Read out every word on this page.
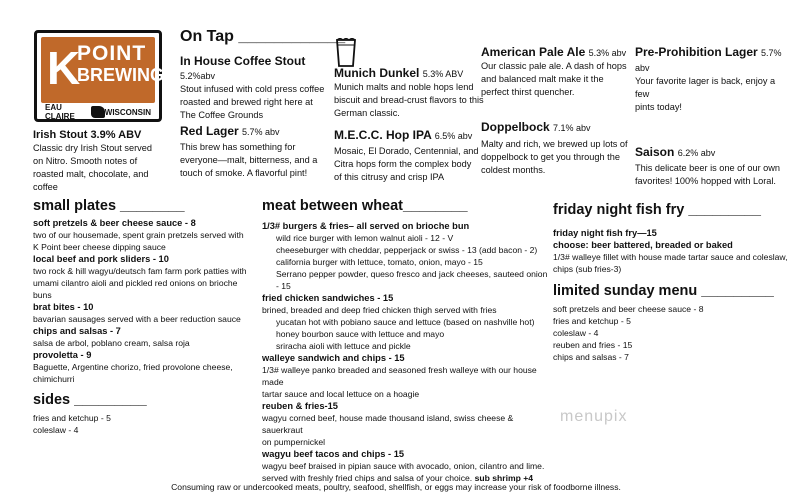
K
POINT
BREWING
EAU CLAIRE	WISCONSIN
On Tap ____________
In House Coffee Stout 5.2%abv
Stout infused with cold press coffee
roasted and brewed right here at
The Coffee Grounds
Munich Dunkel 5.3% ABV
Munich malts and noble hops lend
biscuit and bread-crust flavors to this
German classic.
American Pale Ale 5.3% abv
Our classic pale ale. A dash of hops
and balanced malt make it the
perfect thirst quencher.
Pre-Prohibition Lager 5.7% abv
Your favorite lager is back, enjoy a few
pints today!
Red Lager 5.7% abv
This brew has something for
everyone—malt, bitterness, and a
touch of smoke. A flavorful pint!
M.E.C.C. Hop IPA 6.5% abv
Mosaic, El Dorado, Centennial, and
Citra hops form the complex body
of this citrusy and crisp IPA
Doppelbock 7.1% abv
Malty and rich, we brewed up lots of
doppelbock to get you through the
coldest months.
Saison 6.2% abv
This delicate beer is one of our own
favorites! 100% hopped with Loral.
Irish Stout 3.9% ABV
Classic dry Irish Stout served
on Nitro. Smooth notes of
roasted malt, chocolate, and
coffee
small plates ________
soft pretzels & beer cheese sauce - 8
two of our housemade, spent grain pretzels served with
K Point beer cheese dipping sauce
local beef and pork sliders - 10
two rock & hill wagyu/deutsch fam farm pork patties with
umami cilantro aioli and pickled red onions on brioche buns
brat bites - 10
bavarian sausages served with a beer reduction sauce
chips and salsas - 7
salsa de arbol, poblano cream, salsa roja
provoletta - 9
Baguette, Argentine chorizo, fried provolone cheese,
chimichurri
sides _________
fries and ketchup - 5
coleslaw - 4
meat between wheat________
1/3# burgers & fries– all served on brioche bun
wild rice burger with lemon walnut aioli - 12 - V
cheeseburger with cheddar, pepperjack or swiss - 13 (add bacon - 2)
california burger with lettuce, tomato, onion, mayo - 15
Serrano pepper powder, queso fresco and jack cheeses, sauteed onion - 15
fried chicken sandwiches - 15
brined, breaded and deep fried chicken thigh served with fries
yucatan hot with pobiano sauce and lettuce (based on nashville hot)
honey bourbon sauce with lettuce and mayo
sriracha aioli with lettuce and pickle
walleye sandwich and chips - 15
1/3# walleye panko breaded and seasoned fresh walleye with our house made
tartar sauce and local lettuce on a hoagie
reuben & fries-15
wagyu corned beef, house made thousand island, swiss cheese & sauerkraut
on pumpernickel
wagyu beef tacos and chips - 15
wagyu beef braised in pipian sauce with avocado, onion, cilantro and lime.
served with freshly fried chips and salsa of your choice. sub shrimp +4
friday night fish fry _________
friday night fish fry—15
choose: beer battered, breaded or baked
1/3# walleye fillet with house made tartar sauce and coleslaw,
chips (sub fries-3)
limited sunday menu _________
soft pretzels and beer cheese sauce - 8
fries and ketchup - 5
coleslaw - 4
reuben and fries - 15
chips and salsas - 7
menupix
Consuming raw or undercooked meats, poultry, seafood, shellfish, or eggs may increase your risk of foodborne illness.
